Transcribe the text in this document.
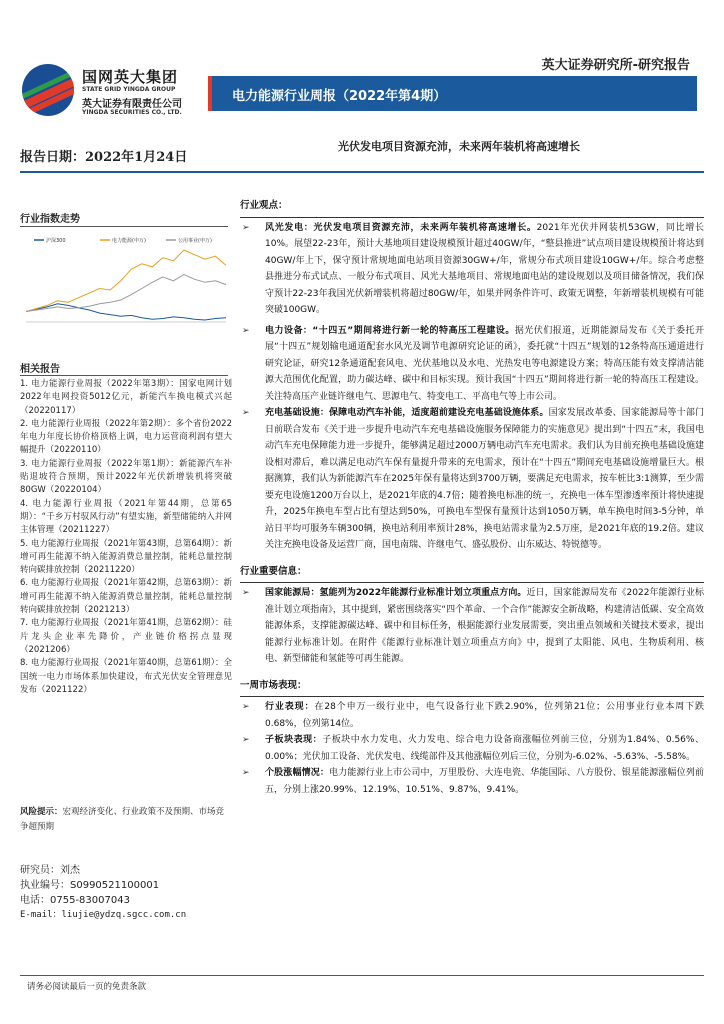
国网英大集团
STATE GRID YINGDA GROUP
英大证券有限责任公司
YINGDA SECURITIES CO., LTD.
英大证券研究所-研究报告
电力能源行业周报（2022年第4期）
光伏发电项目资源充沛，未来两年装机将高速增长
报告日期：2022年1月24日
行业指数走势
沪深300	电力能源(申万)	公用事业(申万)
相关报告

1. 电力能源行业周报（2022年第3期）：国家电网计划2022年电网投资5012亿元，新能汽车换电模式兴起（20220117）

2. 电力能源行业周报（2022年第2期）：多个省份2022年电力年度长协价格顶格上调，电力运营商利润有望大幅提升（20220110）

3. 电力能源行业周报（2022年第1期）：新能源汽车补贴退坡符合预期，预计2022年光伏新增装机将突破80GW（20220104）

4. 电力能源行业周报（2021年第44期，总第65期）：“千乡万村驭风行动”有望实施，新型储能纳入并网主体管理（20211227）

5. 电力能源行业周报（2021年第43期，总第64期）：新增可再生能源不纳入能源消费总量控制，能耗总量控制转向碳排放控制（20211220）

6. 电力能源行业周报（2021年第42期，总第63期）：新增可再生能源不纳入能源消费总量控制，能耗总量控制转向碳排放控制（2021213）

7. 电力能源行业周报（2021年第41期，总第62期）：硅片龙头企业率先降价，产业链价格拐点显现（2021206）

8. 电力能源行业周报（2021年第40期，总第61期）：全国统一电力市场体系加快建设，布式光伏安全管理意见发布（2021122）

风险提示：宏观经济变化、行业政策不及预期、市场竞争超预期
研究员：刘杰
执业编号：S0990521100001
电话：0755-83007043
E-mail：liujie@ydzq.sgcc.com.cn
行业观点：
➢ 风光发电：光伏发电项目资源充沛，未来两年装机将高速增长。2021年光伏并网装机53GW，同比增长10%。展望22-23年，预计大基地项目建设规模预计超过40GW/年，“整县推进”试点项目建设规模预计将达到40GW/年上下，保守预计常规地面电站项目资源30GW+/年，常规分布式项目建设10GW+/年。综合考虑整县推进分布式试点、一般分布式项目、风光大基地项目、常规地面电站的建设规划以及项目储备情况，我们保守预计22-23年我国光伏新增装机将超过80GW/年，如果并网条件许可、政策无调整，年新增装机规模有可能突破100GW。
➢ 电力设备：“十四五”期间将进行新一轮的特高压工程建设。据光伏们报道，近期能源局发布《关于委托开展“十四五”规划输电通道配套水风光及调节电源研究论证的函》，委托就“十四五”规划的12条特高压通道进行研究论证，研究12条通道配套风电、光伏基地以及水电、光热发电等电源建设方案；特高压能有效支撑清洁能源大范围优化配置，助力碳达峰、碳中和目标实现。预计我国“十四五”期间将进行新一轮的特高压工程建设。关注特高压产业链许继电气、思源电气、特变电工、平高电气等上市公司。
➢ 充电基础设施：保障电动汽车补能，适度超前建设充电基础设施体系。国家发展改革委、国家能源局等十部门日前联合发布《关于进一步提升电动汽车充电基础设施服务保障能力的实施意见》提出到“十四五”末，我国电动汽车充电保障能力进一步提升，能够满足超过2000万辆电动汽车充电需求。我们认为目前充换电基础设施建设相对滞后，难以满足电动汽车保有量提升带来的充电需求，预计在“十四五”期间充电基础设施增量巨大。根据测算，我们认为新能源汽车在2025年保有量将达到3700万辆，要满足充电需求，按车桩比3:1测算，至少需要充电设施1200万台以上，是2021年底的4.7倍；随着换电标准的统一，充换电一体车型渗透率预计将快速提升，2025年换电车型占比有望达到50%，可换电车型保有量预计达到1050万辆，单车换电时间3-5分钟，单站日平均可服务车辆300辆，换电站利用率预计28%，换电站需求量为2.5万座，是2021年底的19.2倍。建议关注充换电设备及运营厂商，国电南瑞、许继电气、盛弘股份、山东威达、特锐德等。
行业重要信息：
➢ 国家能源局：氢能列为2022年能源行业标准计划立项重点方向。近日，国家能源局发布《2022年能源行业标准计划立项指南》，其中提到，紧密围绕落实“四个革命、一个合作”能源安全新战略，构建清洁低碳、安全高效能源体系，支撑能源碳达峰、碳中和目标任务，根据能源行业发展需要，突出重点领域和关键技术要求，提出能源行业标准计划。在附件《能源行业标准计划立项重点方向》中，提到了太阳能、风电、生物质利用、核电、新型储能和氢能等可再生能源。
一周市场表现：
➢ 行业表现：在28个申万一级行业中，电气设备行业下跌2.90%，位列第21位；公用事业行业本周下跌0.68%，位列第14位。
➢ 子板块表现：子板块中水力发电、火力发电、综合电力设备商涨幅位列前三位，分别为1.84%、0.56%、0.00%；光伏加工设备、光伏发电、线缆部件及其他涨幅位列后三位，分别为-6.02%、-5.63%、-5.58%。
➢ 个股涨幅情况：电力能源行业上市公司中，万里股份、大连电瓷、华能国际、八方股份、银星能源涨幅位列前五，分别上涨20.99%、12.19%、10.51%、9.87%、9.41%。
请务必阅读最后一页的免责条款
